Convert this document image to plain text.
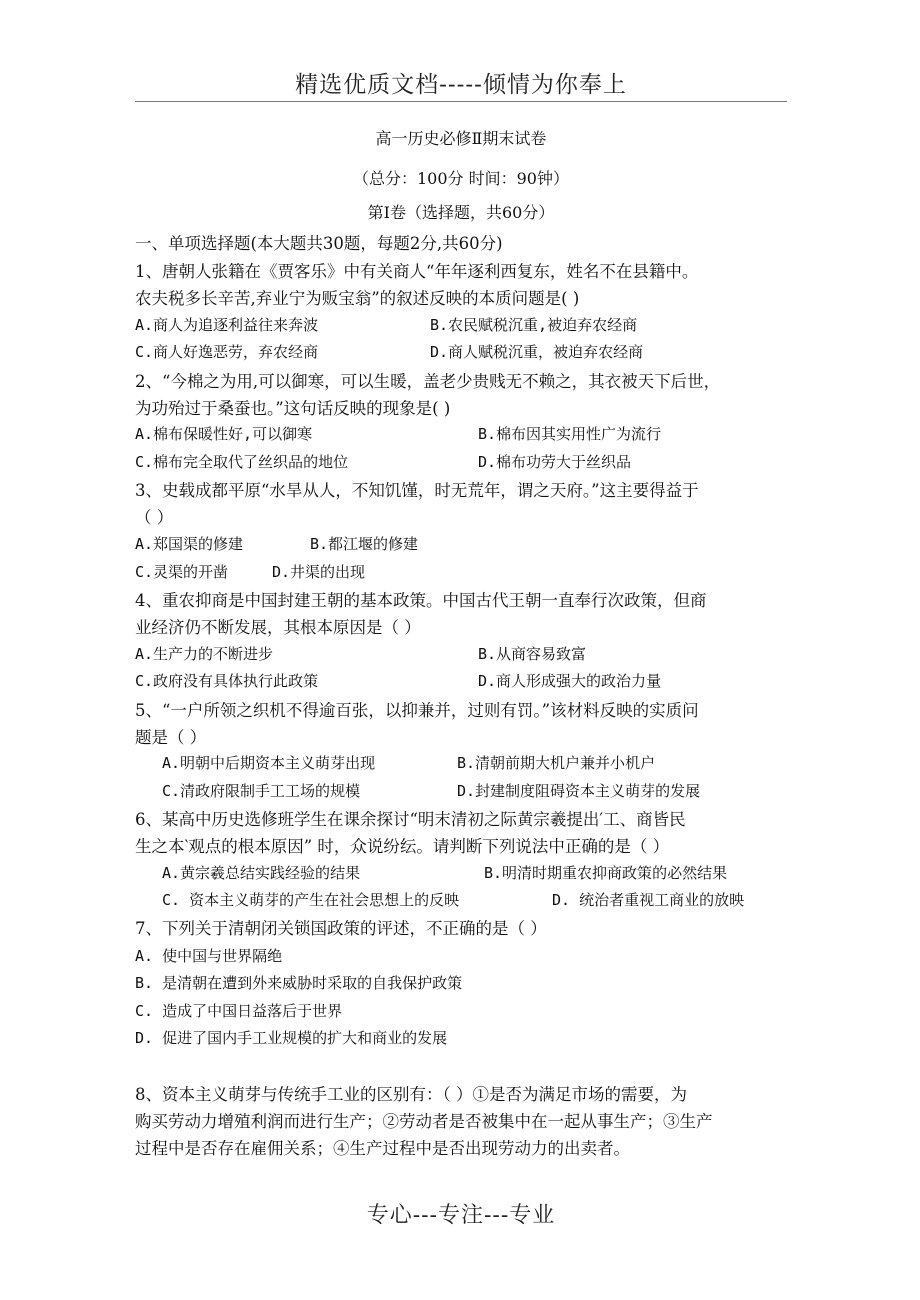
精选优质文档-----倾情为你奉上
高一历史必修Ⅱ期末试卷
（总分：100分 时间：90钟）
第Ⅰ卷（选择题，共60分）
一、单项选择题(本大题共30题，每题2分,共60分)
1、唐朝人张籍在《贾客乐》中有关商人“年年逐利西复东，姓名不在县籍中。
农夫税多长辛苦,弃业宁为贩宝翁”的叙述反映的本质问题是( )
A.商人为追逐利益往来奔波	B.农民赋税沉重,被迫弃农经商
C.商人好逸恶劳，弃农经商	D.商人赋税沉重，被迫弃农经商
2、“今棉之为用,可以御寒，可以生暖，盖老少贵贱无不赖之，其衣被天下后世，
为功殆过于桑蚕也。”这句话反映的现象是( )
A.棉布保暖性好,可以御寒	B.棉布因其实用性广为流行
C.棉布完全取代了丝织品的地位	D.棉布功劳大于丝织品
3、史载成都平原“水旱从人，不知饥馑，时无荒年，谓之天府。”这主要得益于
（ ）
A.郑国渠的修建	B.都江堰的修建
C.灵渠的开凿	D.井渠的出现
4、重农抑商是中国封建王朝的基本政策。中国古代王朝一直奉行次政策，但商
业经济仍不断发展，其根本原因是（ ）
A.生产力的不断进步	B.从商容易致富
C.政府没有具体执行此政策	D.商人形成强大的政治力量
5、“一户所领之织机不得逾百张，以抑兼并，过则有罚。”该材料反映的实质问
题是（ ）
A.明朝中后期资本主义萌芽出现	B.清朝前期大机户兼并小机户
C.清政府限制手工工场的规模	D.封建制度阻碍资本主义萌芽的发展
6、某高中历史选修班学生在课余探讨“明末清初之际黄宗羲提出′工、商皆民
生之本‵观点的根本原因” 时，众说纷纭。请判断下列说法中正确的是（ ）
A.黄宗羲总结实践经验的结果	B.明清时期重农抑商政策的必然结果
C. 资本主义萌芽的产生在社会思想上的反映	D. 统治者重视工商业的放映
7、下列关于清朝闭关锁国政策的评述，不正确的是（ ）
A. 使中国与世界隔绝
B. 是清朝在遭到外来威胁时采取的自我保护政策
C. 造成了中国日益落后于世界
D. 促进了国内手工业规模的扩大和商业的发展
8、资本主义萌芽与传统手工业的区别有：（ ）①是否为满足市场的需要，为
购买劳动力增殖利润而进行生产；②劳动者是否被集中在一起从事生产；③生产
过程中是否存在雇佣关系；④生产过程中是否出现劳动力的出卖者。
专心---专注---专业
